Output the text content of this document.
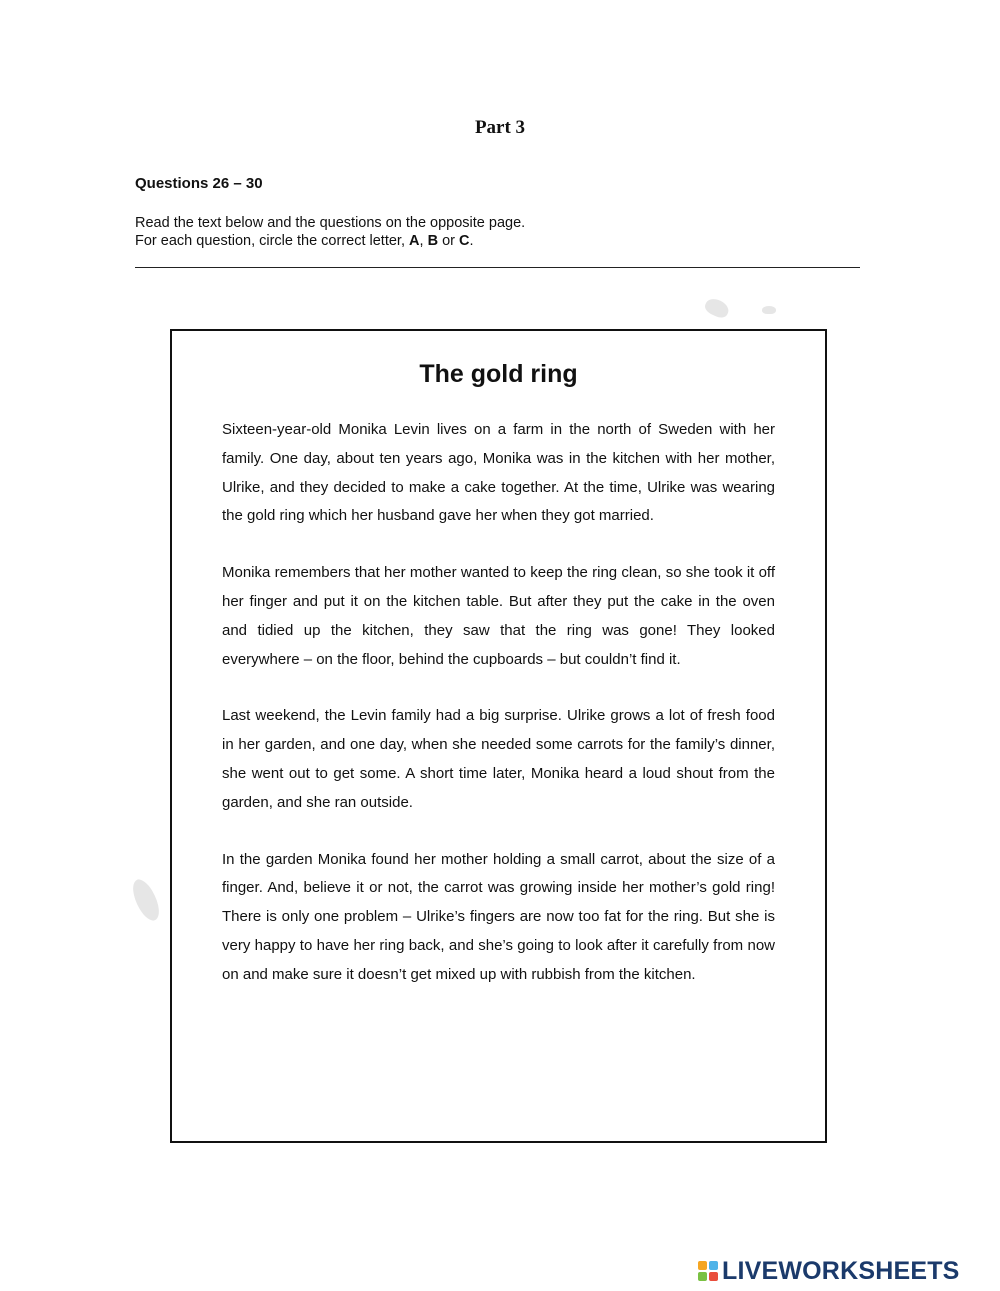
Part 3
Questions 26 – 30
Read the text below and the questions on the opposite page.
For each question, circle the correct letter, A, B or C.
The gold ring

Sixteen-year-old Monika Levin lives on a farm in the north of Sweden with her family. One day, about ten years ago, Monika was in the kitchen with her mother, Ulrike, and they decided to make a cake together. At the time, Ulrike was wearing the gold ring which her husband gave her when they got married.

Monika remembers that her mother wanted to keep the ring clean, so she took it off her finger and put it on the kitchen table. But after they put the cake in the oven and tidied up the kitchen, they saw that the ring was gone! They looked everywhere – on the floor, behind the cupboards – but couldn’t find it.

Last weekend, the Levin family had a big surprise. Ulrike grows a lot of fresh food in her garden, and one day, when she needed some carrots for the family’s dinner, she went out to get some. A short time later, Monika heard a loud shout from the garden, and she ran outside.

In the garden Monika found her mother holding a small carrot, about the size of a finger. And, believe it or not, the carrot was growing inside her mother’s gold ring! There is only one problem – Ulrike’s fingers are now too fat for the ring. But she is very happy to have her ring back, and she’s going to look after it carefully from now on and make sure it doesn’t get mixed up with rubbish from the kitchen.

LIVEWORKSHEETS
